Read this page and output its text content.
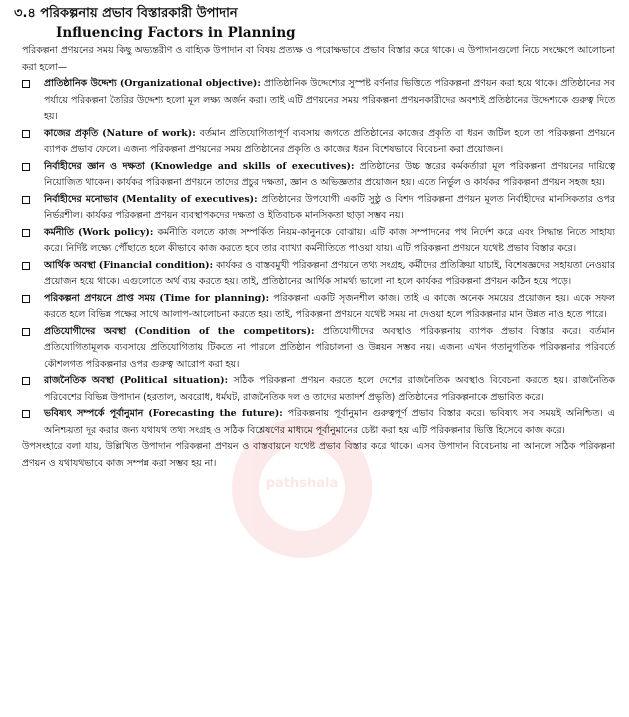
pathshala
৩.৪ পরিকল্পনায় প্রভাব বিস্তারকারী উপাদান
Influencing Factors in Planning

পরিকল্পনা প্রণয়নের সময় কিছু অভ্যন্তরীণ ও বাহ্যিক উপাদান বা বিষয় প্রত্যক্ষ ও পরোক্ষভাবে প্রভাব বিস্তার করে থাকে। এ উপাদানগুলো নিচে সংক্ষেপে আলোচনা করা হলো—

প্রাতিষ্ঠানিক উদ্দেশ্য (Organizational objective): প্রাতিষ্ঠানিক উদ্দেশ্যের সুস্পষ্ট বর্ণনার ভিত্তিতে পরিকল্পনা প্রণয়ন করা হয়ে থাকে। প্রতিষ্ঠানের সব পর্যায়ে পরিকল্পনা তৈরির উদ্দেশ্য হলো মূল লক্ষ্য অর্জন করা। তাই এটি প্রণয়নের সময় পরিকল্পনা প্রণয়নকারীদের অবশ্যই প্রতিষ্ঠানের উদ্দেশ্যকে গুরুত্ব দিতে হয়।

কাজের প্রকৃতি (Nature of work): বর্তমান প্রতিযোগিতাপূর্ণ ব্যবসায় জগতে প্রতিষ্ঠানের কাজের প্রকৃতি বা ধরন জটিল হলে তা পরিকল্পনা প্রণয়নে ব্যাপক প্রভাব ফেলে। এজন্য পরিকল্পনা প্রণয়নের সময় প্রতিষ্ঠানের প্রকৃতি ও কাজের ধরন বিশেষভাবে বিবেচনা করা প্রয়োজন।

নির্বাহীদের জ্ঞান ও দক্ষতা (Knowledge and skills of executives): প্রতিষ্ঠানের উচ্চ স্তরের কর্মকর্তারা মূল পরিকল্পনা প্রণয়নের দায়িত্বে নিয়োজিত থাকেন। কার্যকর পরিকল্পনা প্রণয়নে তাদের প্রচুর দক্ষতা, জ্ঞান ও অভিজ্ঞতার প্রয়োজন হয়। এতে নির্ভুল ও কার্যকর পরিকল্পনা প্রণয়ন সহজ হয়।

নির্বাহীদের মনোভাব (Mentality of executives): প্রতিষ্ঠানের উপযোগী একটি সুষ্ঠু ও বিশদ পরিকল্পনা প্রণয়ন মূলত নির্বাহীদের মানসিকতার ওপর নির্ভরশীল। কার্যকর পরিকল্পনা প্রণয়ন ব্যবস্থাপকদের দক্ষতা ও ইতিবাচক মানসিকতা ছাড়া সম্ভব নয়।

কর্মনীতি (Work policy): কর্মনীতি বলতে কাজ সম্পর্কিত নিয়ম-কানুনকে বোঝায়। এটি কাজ সম্পাদনের পথ নির্দেশ করে এবং সিদ্ধান্ত নিতে সাহায্য করে। নির্দিষ্ট লক্ষ্যে পৌঁছাতে হলে কীভাবে কাজ করতে হবে তার ব্যাখ্যা কর্মনীতিতে পাওয়া যায়। এটি পরিকল্পনা প্রণয়নে যথেষ্ট প্রভাব বিস্তার করে।

আর্থিক অবস্থা (Financial condition): কার্যকর ও বাস্তবমুখী পরিকল্পনা প্রণয়নে তথ্য সংগ্রহ, কর্মীদের প্রতিক্রিয়া যাচাই, বিশেষজ্ঞদের সহায়তা নেওয়ার প্রয়োজন হয়ে থাকে। এগুলোতে অর্থ ব্যয় করতে হয়। তাই, প্রতিষ্ঠানের আর্থিক সামর্থ্য ভালো না হলে কার্যকর পরিকল্পনা প্রণয়ন কঠিন হয়ে পড়ে।

পরিকল্পনা প্রণয়নে প্রাপ্ত সময় (Time for planning): পরিকল্পনা একটি সৃজনশীল কাজ। তাই এ কাজে অনেক সময়ের প্রয়োজন হয়। একে সফল করতে হলে বিভিন্ন পক্ষের সাথে আলাপ-আলোচনা করতে হয়। তাই, পরিকল্পনা প্রণয়নে যথেষ্ট সময় না দেওয়া হলে পরিকল্পনার মান উন্নত নাও হতে পারে।

প্রতিযোগীদের অবস্থা (Condition of the competitors): প্রতিযোগীদের অবস্থাও পরিকল্পনায় ব্যাপক প্রভাব বিস্তার করে। বর্তমান প্রতিযোগিতামূলক ব্যবসায়ে প্রতিযোগিতায় টিকতে না পারলে প্রতিষ্ঠান পরিচালনা ও উন্নয়ন সম্ভব নয়। এজন্য এখন গতানুগতিক পরিকল্পনার পরিবর্তে কৌশলগত পরিকল্পনার ওপর গুরুত্ব আরোপ করা হয়।

রাজনৈতিক অবস্থা (Political situation): সঠিক পরিকল্পনা প্রণয়ন করতে হলে দেশের রাজনৈতিক অবস্থাও বিবেচনা করতে হয়। রাজনৈতিক পরিবেশের বিভিন্ন উপাদান (হরতাল, অবরোধ, ধর্মঘট, রাজনৈতিক দল ও তাদের মতাদর্শ প্রভৃতি) প্রতিষ্ঠানের পরিকল্পনাকে প্রভাবিত করে।

ভবিষ্যৎ সম্পর্কে পূর্বানুমান (Forecasting the future): পরিকল্পনায় পূর্বানুমান গুরুত্বপূর্ণ প্রভাব বিস্তার করে। ভবিষ্যৎ সব সময়ই অনিশ্চিত। এ অনিশ্চয়তা দূর করার জন্য যথাযথ তথ্য সংগ্রহ ও সঠিক বিশ্লেষণের মাধ্যমে পূর্বানুমানের চেষ্টা করা হয় এটি পরিকল্পনার ভিত্তি হিসেবে কাজ করে।

উপসংহারে বলা যায়, উল্লিখিত উপাদান পরিকল্পনা প্রণয়ন ও বাস্তবায়নে যথেষ্ট প্রভাব বিস্তার করে থাকে। এসব উপাদান বিবেচনায় না আনলে সঠিক পরিকল্পনা প্রণয়ন ও যথাযথভাবে কাজ সম্পন্ন করা সম্ভব হয় না।
